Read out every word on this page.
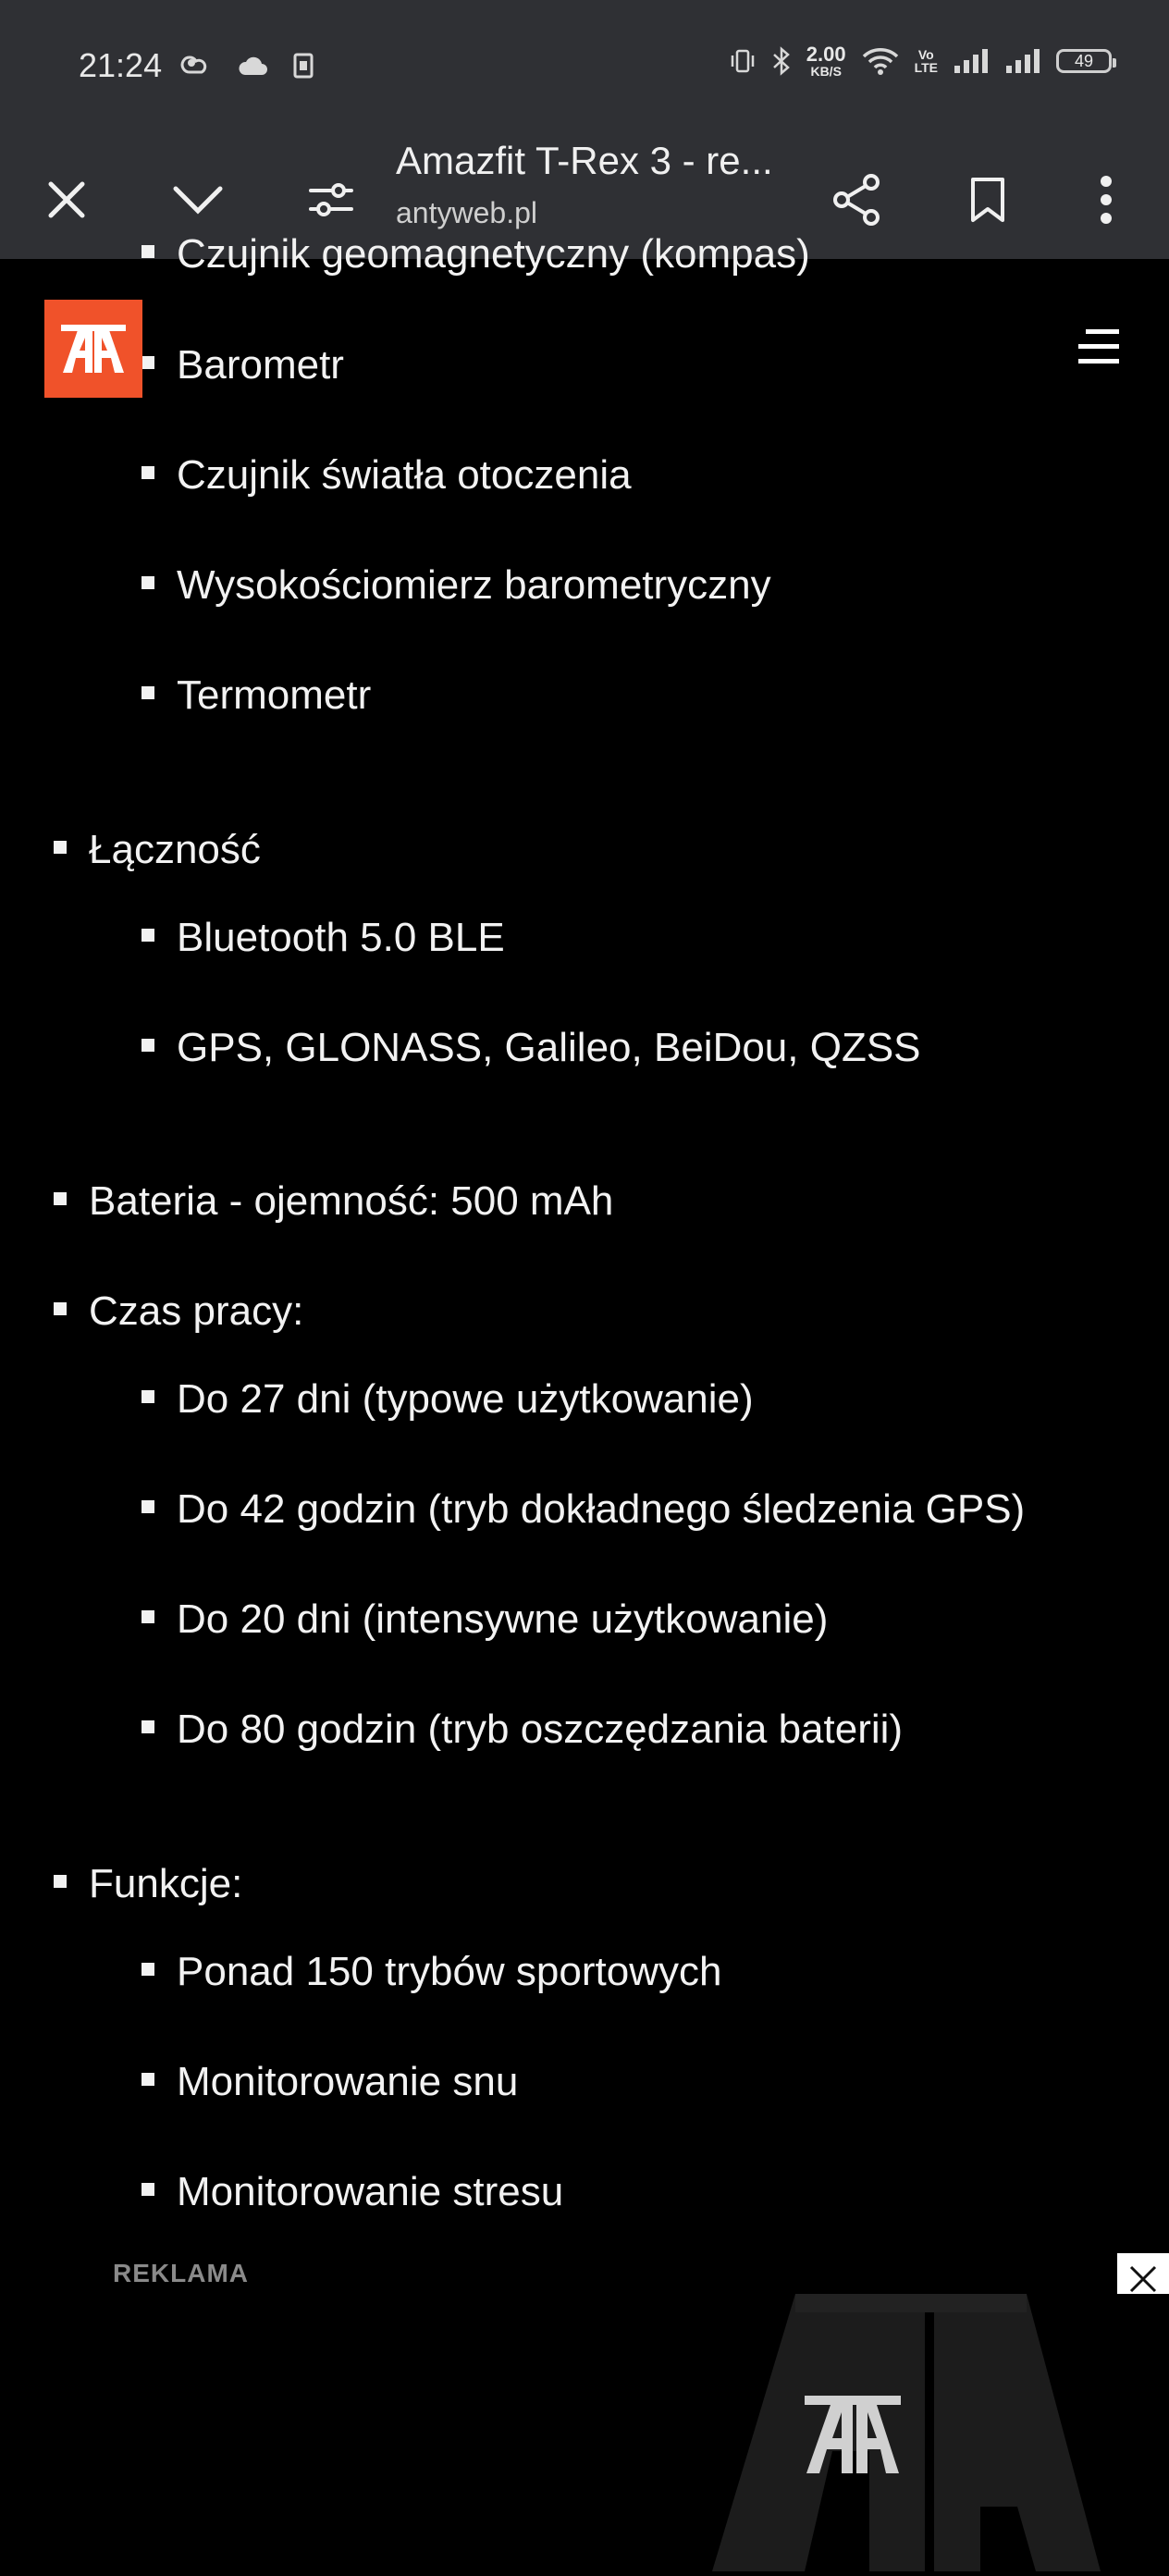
21:24	2.00
KB/S
Vo
LTE	49
Amazfit T-Rex 3 - re...
antyweb.pl
Czujnik geomagnetyczny (kompas)
Barometr
Czujnik światła otoczenia
Wysokościomierz barometryczny
Termometr
Łączność
Bluetooth 5.0 BLE
GPS, GLONASS, Galileo, BeiDou, QZSS
Bateria - ojemność: 500 mAh
Czas pracy:
Do 27 dni (typowe użytkowanie)
Do 42 godzin (tryb dokładnego śledzenia GPS)
Do 20 dni (intensywne użytkowanie)
Do 80 godzin (tryb oszczędzania baterii)
Funkcje:
Ponad 150 trybów sportowych
Monitorowanie snu
Monitorowanie stresu
REKLAMA
